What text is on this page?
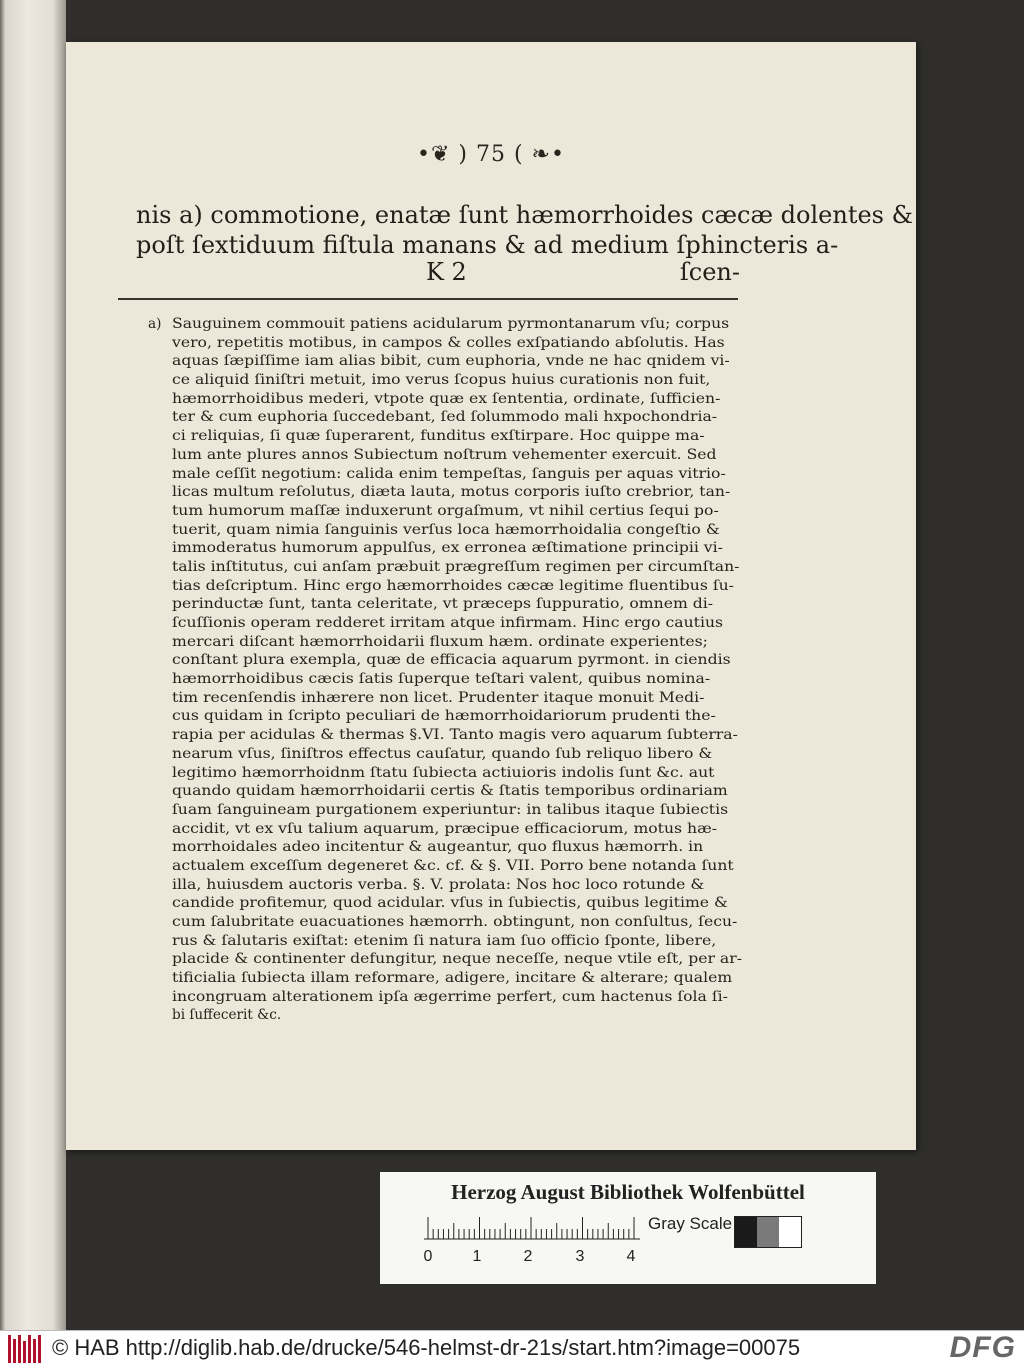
•❦ ) 75 ( ❧•
nis a) commotione, enatæ ſunt hæmorrhoides cæcæ dolentes &
poſt ſextiduum fiſtula manans & ad medium ſphincteris a-
K 2	ſcen-
a) Sauguinem commouit patiens acidularum pyrmontanarum vſu; corpus
vero, repetitis motibus, in campos & colles exſpatiando abſolutis. Has
aquas ſæpiſſime iam alias bibit, cum euphoria, vnde ne hac qnidem vi-
ce aliquid ſiniſtri metuit, imo verus ſcopus huius curationis non fuit,
hæmorrhoidibus mederi, vtpote quæ ex ſententia, ordinate, ſufficien-
ter & cum euphoria ſuccedebant, ſed ſolummodo mali hxpochondria-
ci reliquias, ſi quæ ſuperarent, funditus exſtirpare. Hoc quippe ma-
lum ante plures annos Subiectum noſtrum vehementer exercuit. Sed
male ceſſit negotium: calida enim tempeſtas, ſanguis per aquas vitrio-
licas multum reſolutus, diæta lauta, motus corporis iuſto crebrior, tan-
tum humorum maſſæ induxerunt orgaſmum, vt nihil certius ſequi po-
tuerit, quam nimia ſanguinis verſus loca hæmorrhoidalia congeſtio &
immoderatus humorum appulſus, ex erronea æſtimatione principii vi-
talis inſtitutus, cui anſam præbuit prægreſſum regimen per circumſtan-
tias deſcriptum. Hinc ergo hæmorrhoides cæcæ legitime fluentibus ſu-
perinductæ ſunt, tanta celeritate, vt præceps ſuppuratio, omnem di-
ſcuſſionis operam redderet irritam atque infirmam. Hinc ergo cautius
mercari diſcant hæmorrhoidarii fluxum hæm. ordinate experientes;
conſtant plura exempla, quæ de efficacia aquarum pyrmont. in ciendis
hæmorrhoidibus cæcis ſatis ſuperque teſtari valent, quibus nomina-
tim recenſendis inhærere non licet. Prudenter itaque monuit Medi-
cus quidam in ſcripto peculiari de hæmorrhoidariorum prudenti the-
rapia per acidulas & thermas §.VI. Tanto magis vero aquarum ſubterra-
nearum vſus, ſiniſtros effectus cauſatur, quando ſub reliquo libero &
legitimo hæmorrhoidnm ſtatu ſubiecta actiuioris indolis ſunt &c. aut
quando quidam hæmorrhoidarii certis & ſtatis temporibus ordinariam
ſuam ſanguineam purgationem experiuntur: in talibus itaque ſubiectis
accidit, vt ex vſu talium aquarum, præcipue efficaciorum, motus hæ-
morrhoidales adeo incitentur & augeantur, quo fluxus hæmorrh. in
actualem exceſſum degeneret &c. cf. & §. VII. Porro bene notanda ſunt
illa, huiusdem auctoris verba. §. V. prolata: Nos hoc loco rotunde &
candide profitemur, quod acidular. vſus in ſubiectis, quibus legitime &
cum ſalubritate euacuationes hæmorrh. obtingunt, non conſultus, ſecu-
rus & ſalutaris exiſtat: etenim ſi natura iam ſuo officio ſponte, libere,
placide & continenter defungitur, neque neceſſe, neque vtile eſt, per ar-
tificialia ſubiecta illam reformare, adigere, incitare & alterare; qualem
incongruam alterationem ipſa ægerrime perfert, cum hactenus ſola ſi-
bi ſuffecerit &c.
Herzog August Bibliothek Wolfenbüttel
0	1	2	3	4
Gray Scale
© HAB http://diglib.hab.de/drucke/546-helmst-dr-21s/start.htm?image=00075	DFG
